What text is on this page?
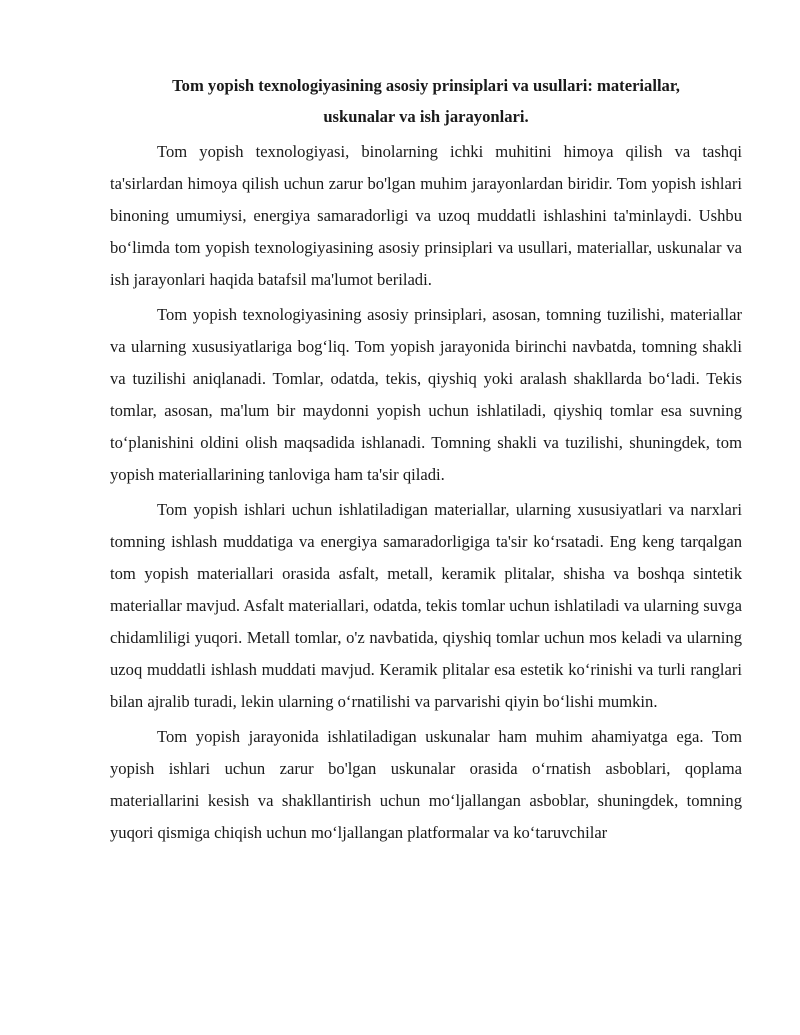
Tom yopish texnologiyasining asosiy prinsiplari va usullari: materiallar,
uskunalar va ish jarayonlari.

Tom yopish texnologiyasi, binolarning ichki muhitini himoya qilish va tashqi ta'sirlardan himoya qilish uchun zarur bo'lgan muhim jarayonlardan biridir. Tom yopish ishlari binoning umumiysi, energiya samaradorligi va uzoq muddatli ishlashini ta'minlaydi. Ushbu bo‘limda tom yopish texnologiyasining asosiy prinsiplari va usullari, materiallar, uskunalar va ish jarayonlari haqida batafsil ma'lumot beriladi.

Tom yopish texnologiyasining asosiy prinsiplari, asosan, tomning tuzilishi, materiallar va ularning xususiyatlariga bog‘liq. Tom yopish jarayonida birinchi navbatda, tomning shakli va tuzilishi aniqlanadi. Tomlar, odatda, tekis, qiyshiq yoki aralash shakllarda bo‘ladi. Tekis tomlar, asosan, ma'lum bir maydonni yopish uchun ishlatiladi, qiyshiq tomlar esa suvning to‘planishini oldini olish maqsadida ishlanadi. Tomning shakli va tuzilishi, shuningdek, tom yopish materiallarining tanloviga ham ta'sir qiladi.

Tom yopish ishlari uchun ishlatiladigan materiallar, ularning xususiyatlari va narxlari tomning ishlash muddatiga va energiya samaradorligiga ta'sir ko‘rsatadi. Eng keng tarqalgan tom yopish materiallari orasida asfalt, metall, keramik plitalar, shisha va boshqa sintetik materiallar mavjud. Asfalt materiallari, odatda, tekis tomlar uchun ishlatiladi va ularning suvga chidamliligi yuqori. Metall tomlar, o'z navbatida, qiyshiq tomlar uchun mos keladi va ularning uzoq muddatli ishlash muddati mavjud. Keramik plitalar esa estetik ko‘rinishi va turli ranglari bilan ajralib turadi, lekin ularning o‘rnatilishi va parvarishi qiyin bo‘lishi mumkin.

Tom yopish jarayonida ishlatiladigan uskunalar ham muhim ahamiyatga ega. Tom yopish ishlari uchun zarur bo'lgan uskunalar orasida o‘rnatish asboblari, qoplama materiallarini kesish va shakllantirish uchun mo‘ljallangan asboblar, shuningdek, tomning yuqori qismiga chiqish uchun mo‘ljallangan platformalar va ko‘taruvchilar
